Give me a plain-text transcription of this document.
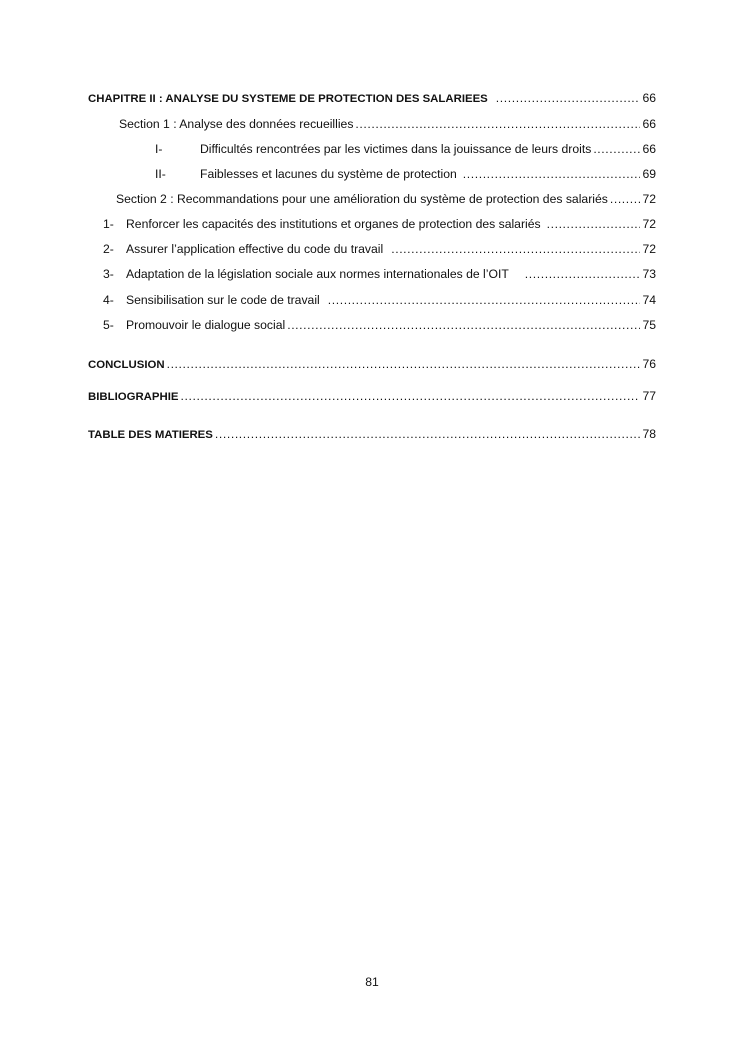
CHAPITRE II : ANALYSE DU SYSTEME DE PROTECTION DES SALARIEES .....	66
Section 1 : Analyse des données recueillies .....	66
I-	Difficultés rencontrées par les victimes dans la jouissance de leurs droits .....	66
II-	Faiblesses et lacunes du système de protection .....	69
Section 2 : Recommandations pour une amélioration du système de protection des salariés .....	72
1- Renforcer les capacités des institutions et organes de protection des salariés .....	72
2- Assurer l’application effective du code du travail .....	72
3- Adaptation de la législation sociale aux normes internationales de l’OIT .....	73
4- Sensibilisation sur le code de travail .....	74
5- Promouvoir le dialogue social .....	75
CONCLUSION .....	76
BIBLIOGRAPHIE .....	77
TABLE DES MATIERES .....	78
81
